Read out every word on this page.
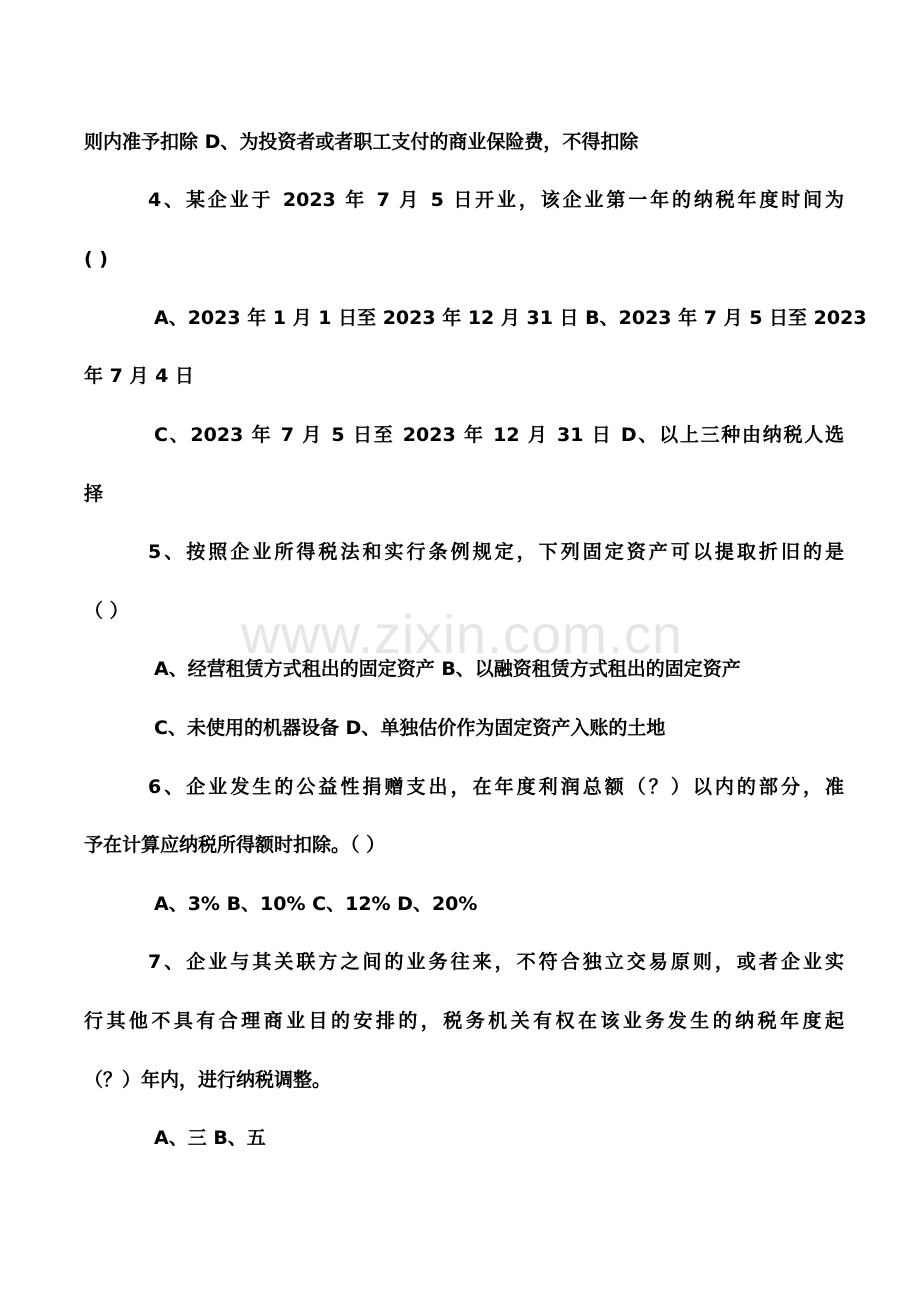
www.zixin.com.cn
则内准予扣除 D、为投资者或者职工支付的商业保险费，不得扣除
4、某企业于 2023 年 7 月 5 日开业，该企业第一年的纳税年度时间为
( )
A、2023 年 1 月 1 日至 2023 年 12 月 31 日 B、2023 年 7 月 5 日至 2023
年 7 月 4 日
C、2023 年 7 月 5 日至 2023 年 12 月 31 日 D、以上三种由纳税人选
择
5、按照企业所得税法和实行条例规定，下列固定资产可以提取折旧的是
（ ）
A、经营租赁方式租出的固定资产 B、以融资租赁方式租出的固定资产
C、未使用的机器设备 D、单独估价作为固定资产入账的土地
6、企业发生的公益性捐赠支出，在年度利润总额（？）以内的部分，准
予在计算应纳税所得额时扣除。（ ）
A、3% B、10% C、12% D、20%
7、企业与其关联方之间的业务往来，不符合独立交易原则，或者企业实
行其他不具有合理商业目的安排的，税务机关有权在该业务发生的纳税年度起
（？）年内，进行纳税调整。
A、三 B、五
